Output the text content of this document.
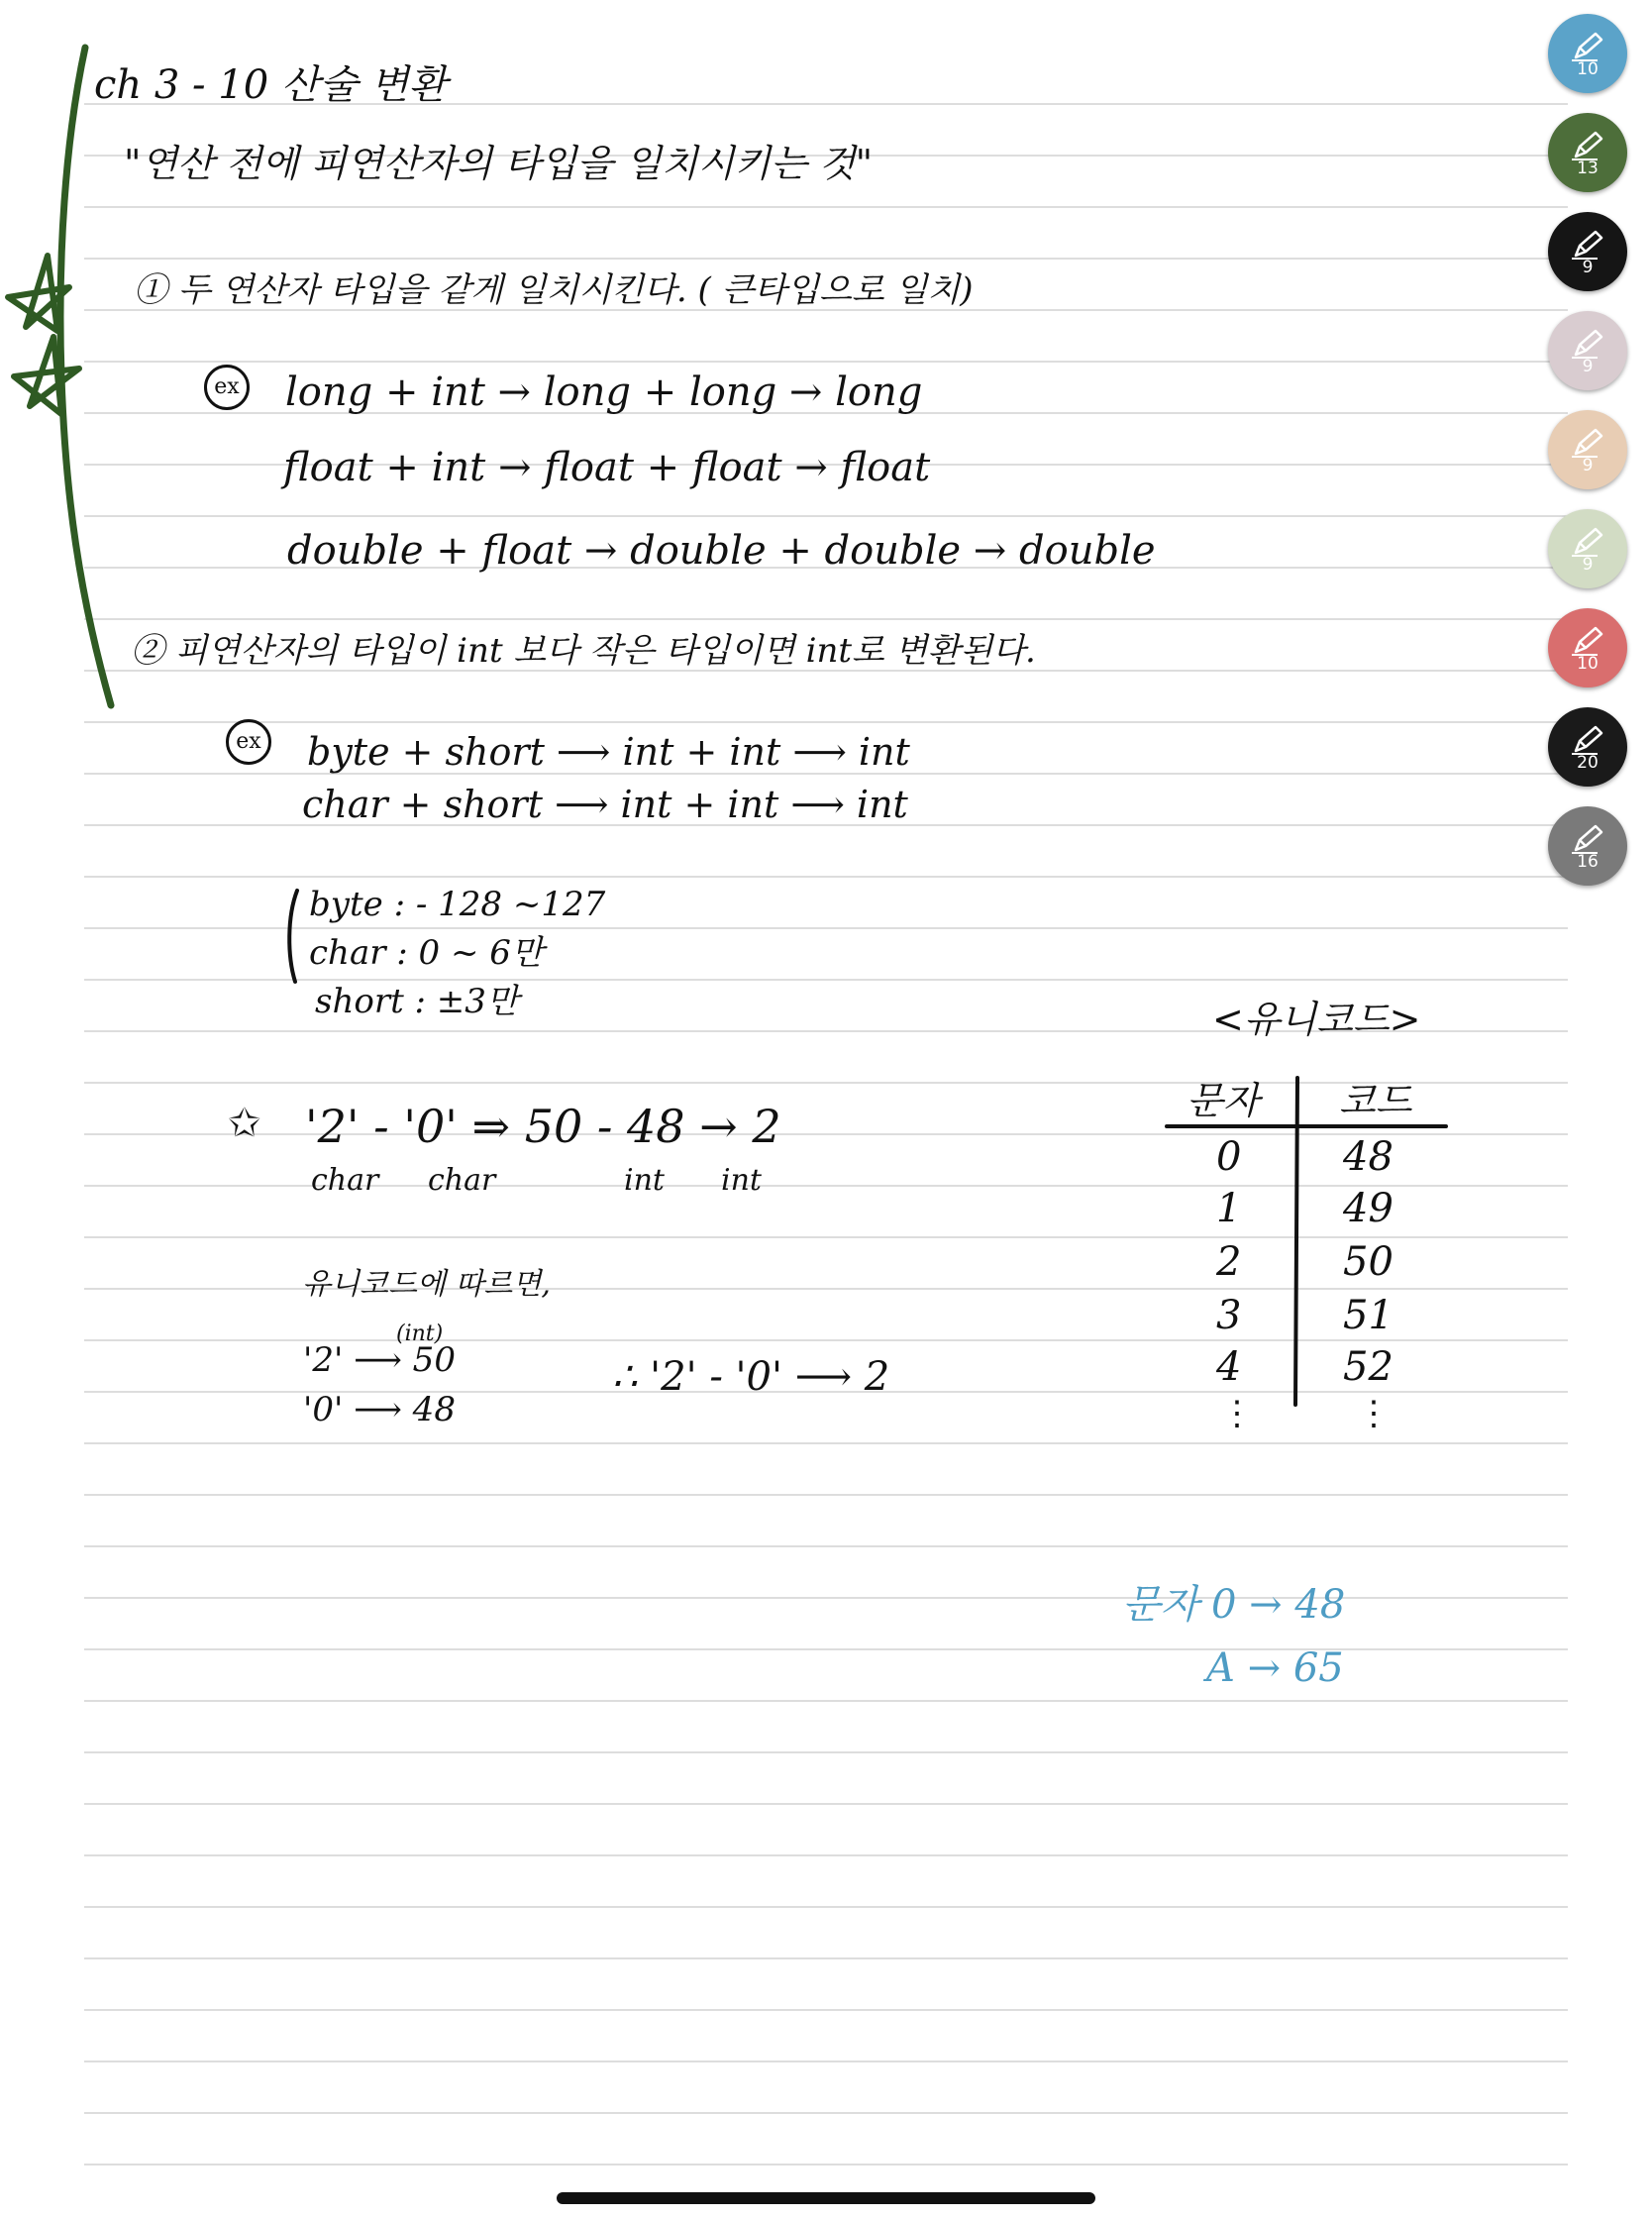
ch 3 - 10 산술 변환
"연산 전에 피연산자의 타입을 일치시키는 것"
① 두 연산자 타입을 같게 일치시킨다. ( 큰타입으로 일치)
ex long + int → long + long → long
float + int → float + float → float
double + float → double + double → double
② 피연산자의 타입이 int 보다 작은 타입이면 int로 변환된다.
ex byte + short ⟶ int + int ⟶ int
char + short ⟶ int + int ⟶ int
byte : - 128 ~127
char : 0 ~ 6만
short : ±3만
✩ '2' - '0' ⇒ 50 - 48 → 2
char char	int int
유니코드에 따르면,
(int)
'2' ⟶ 50
'0' ⟶ 48
∴ '2' - '0' ⟶ 2
<유니코드>
문자 코드
0	48
1	49
2	50
3	51
4	52
⋮	⋮
문자 0 → 48
A → 65
10
13
9
9
9
9
10
20
16
